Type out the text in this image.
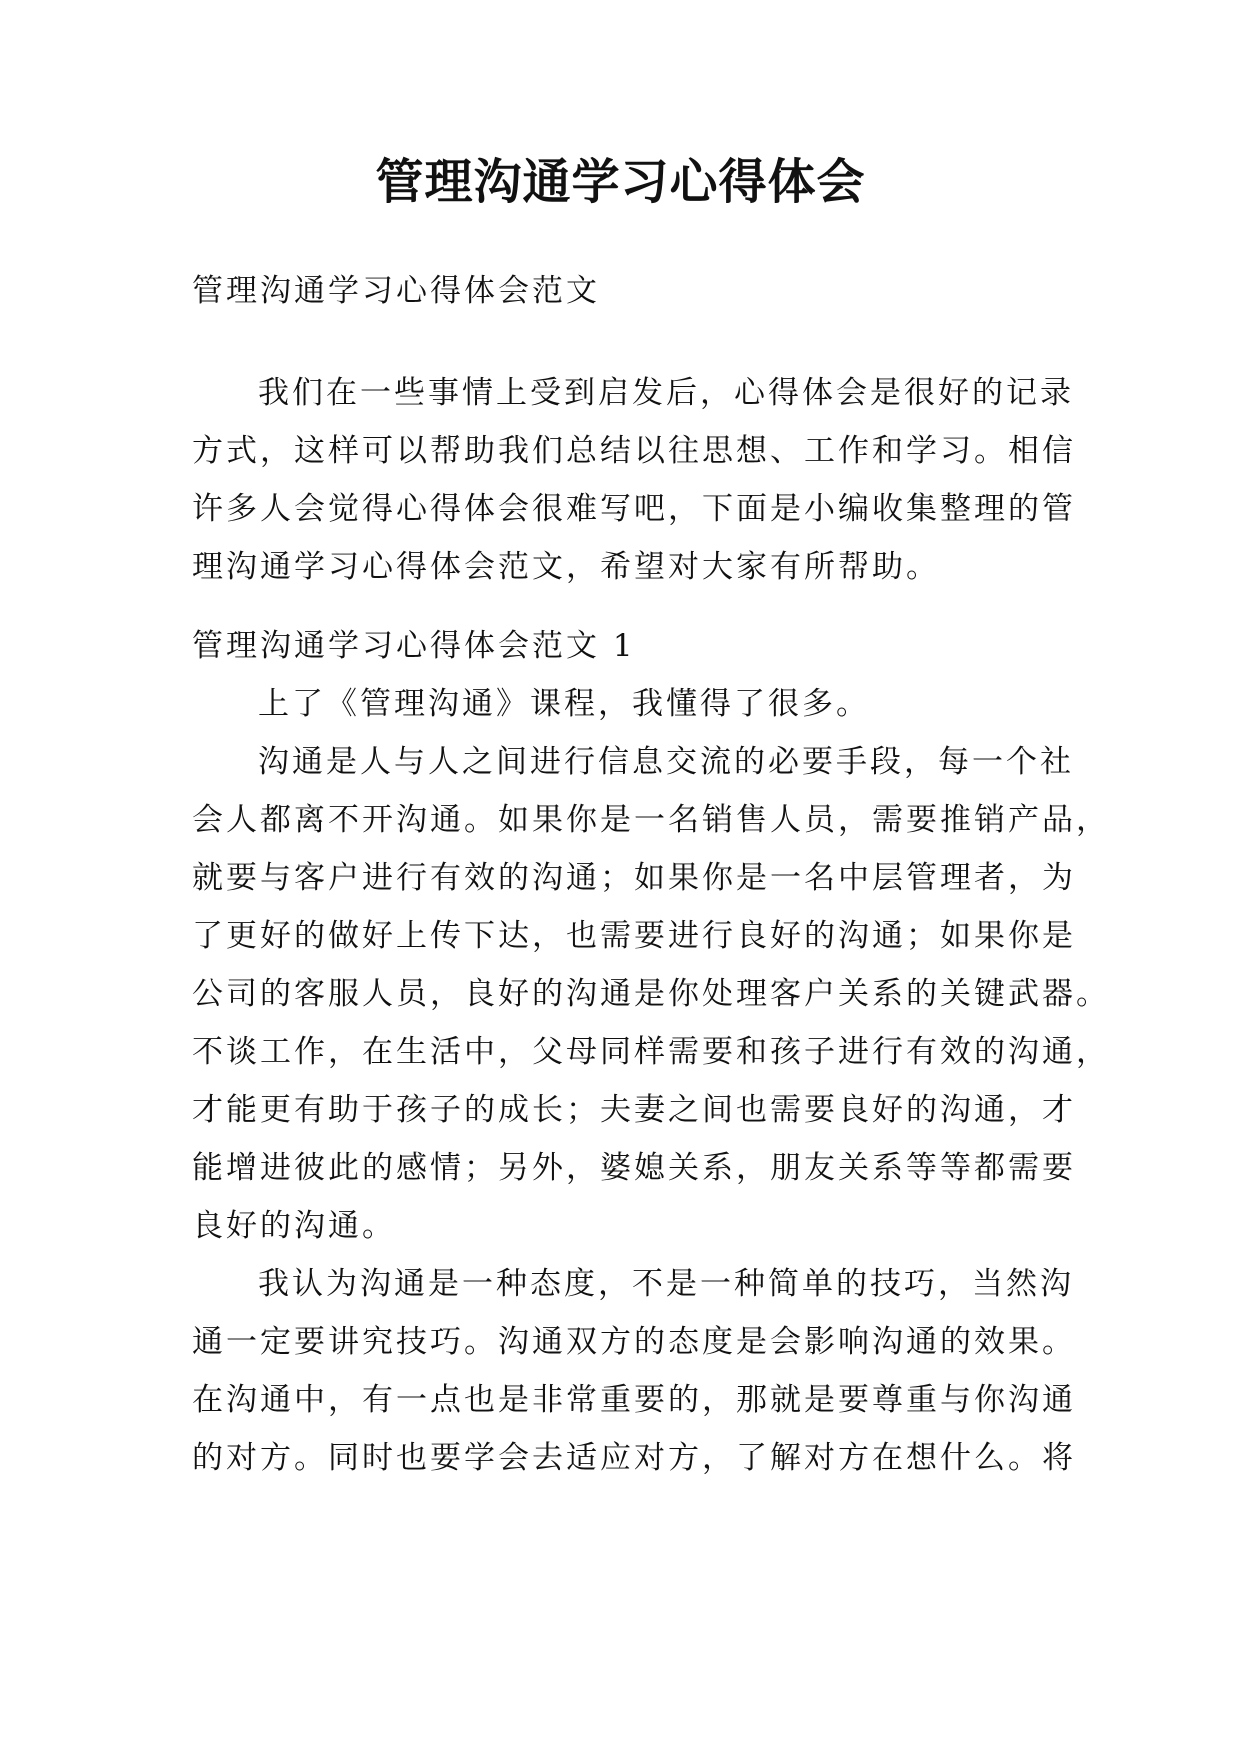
管理沟通学习心得体会
管理沟通学习心得体会范文
我们在一些事情上受到启发后，心得体会是很好的记录
方式，这样可以帮助我们总结以往思想、工作和学习。相信
许多人会觉得心得体会很难写吧，下面是小编收集整理的管
理沟通学习心得体会范文，希望对大家有所帮助。
管理沟通学习心得体会范文 1
上了《管理沟通》课程，我懂得了很多。
沟通是人与人之间进行信息交流的必要手段，每一个社
会人都离不开沟通。如果你是一名销售人员，需要推销产品，
就要与客户进行有效的沟通；如果你是一名中层管理者，为
了更好的做好上传下达，也需要进行良好的沟通；如果你是
公司的客服人员，良好的沟通是你处理客户关系的关键武器。
不谈工作，在生活中，父母同样需要和孩子进行有效的沟通，
才能更有助于孩子的成长；夫妻之间也需要良好的沟通，才
能增进彼此的感情；另外，婆媳关系，朋友关系等等都需要
良好的沟通。
我认为沟通是一种态度，不是一种简单的技巧，当然沟
通一定要讲究技巧。沟通双方的态度是会影响沟通的效果。
在沟通中，有一点也是非常重要的，那就是要尊重与你沟通
的对方。同时也要学会去适应对方，了解对方在想什么。将
